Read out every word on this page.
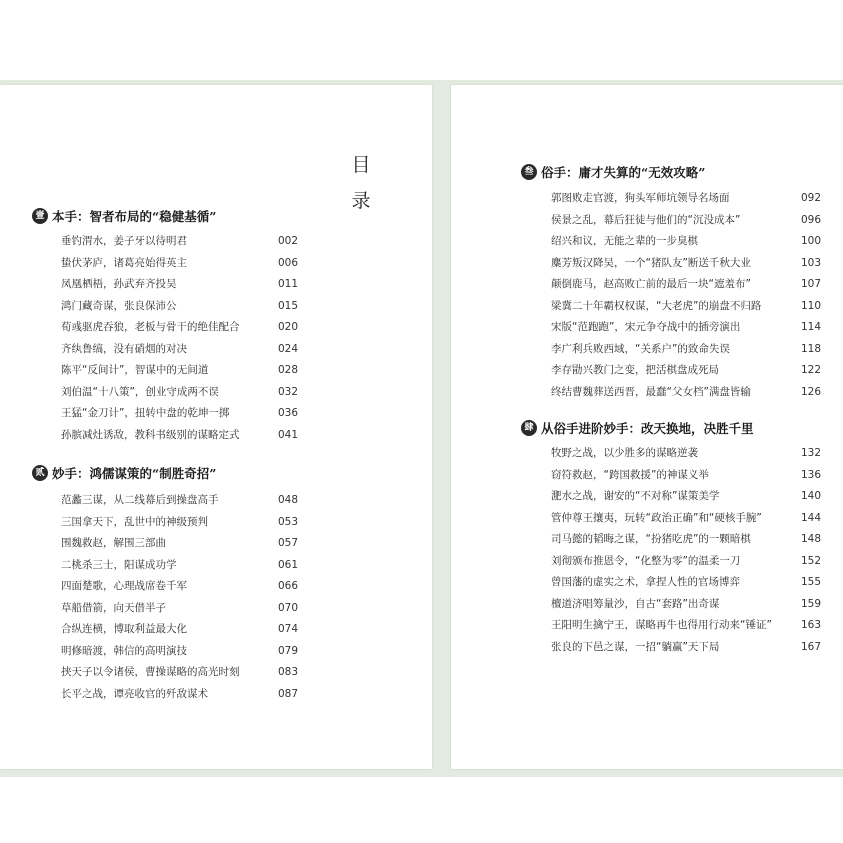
目
录
壹 本手：智者布局的“稳健基循”
垂钓渭水，姜子牙以待明君	002
蛰伏茅庐，诸葛亮始得英主	006
凤凰栖梧，孙武弃齐投吴	011
鸿门藏奇谋，张良保沛公	015
荀彧驱虎吞狼，老板与骨干的绝佳配合	020
齐纨鲁缟，没有硝烟的对决	024
陈平“反间计”，智谋中的无间道	028
刘伯温“十八策”，创业守成两不误	032
王猛“金刀计”，扭转中盘的乾坤一掷	036
孙膑减灶诱敌，教科书级别的谋略定式	041
贰 妙手：鸿儒谋策的“制胜奇招”
范蠡三谋，从二线幕后到操盘高手	048
三国拿天下，乱世中的神级预判	053
围魏救赵，解围三部曲	057
二桃杀三士，阳谋成功学	061
四面楚歌，心理战席卷千军	066
草船借箭，向天借半子	070
合纵连横，博取利益最大化	074
明修暗渡，韩信的高明演技	079
挟天子以令诸侯，曹操谋略的高光时刻	083
长平之战，谭亮收官的歼敌谋术	087
叁 俗手：庸才失算的“无效攻略”
郭图败走官渡，狗头军师坑领导名场面	092
侯景之乱，幕后狂徒与他们的“沉没成本”	096
绍兴和议，无能之辈的一步臭棋	100
麋芳叛汉降吴，一个“猪队友”断送千秋大业	103
颠倒鹿马，赵高败亡前的最后一块“遮羞布”	107
梁冀二十年霸权权谋，“大老虎”的崩盘不归路	110
宋版“范跑跑”，宋元争夺战中的插旁演出	114
李广利兵败西域，“关系户”的致命失误	118
李存勖兴教门之变，把活棋盘成死局	122
终结曹魏葬送西晋，最蠢“父女档”满盘皆输	126
肆 从俗手进阶妙手：改天换地，决胜千里
牧野之战，以少胜多的谋略逆袭	132
窃符救赵，“跨国救援”的神谋义举	136
淝水之战，谢安的“不对称”谋策美学	140
管仲尊王攘夷，玩转“政治正确”和“硬核手腕”	144
司马懿的韬晦之谋，“扮猪吃虎”的一颗暗棋	148
刘彻颁布推恩令，“化整为零”的温柔一刀	152
曾国藩的虚实之术，拿捏人性的官场博弈	155
檀道济唱筹量沙，自古“套路”出奇谋	159
王阳明生擒宁王，谋略再牛也得用行动来“锤证”	163
张良的下邑之谋，一招“躺赢”天下局	167
